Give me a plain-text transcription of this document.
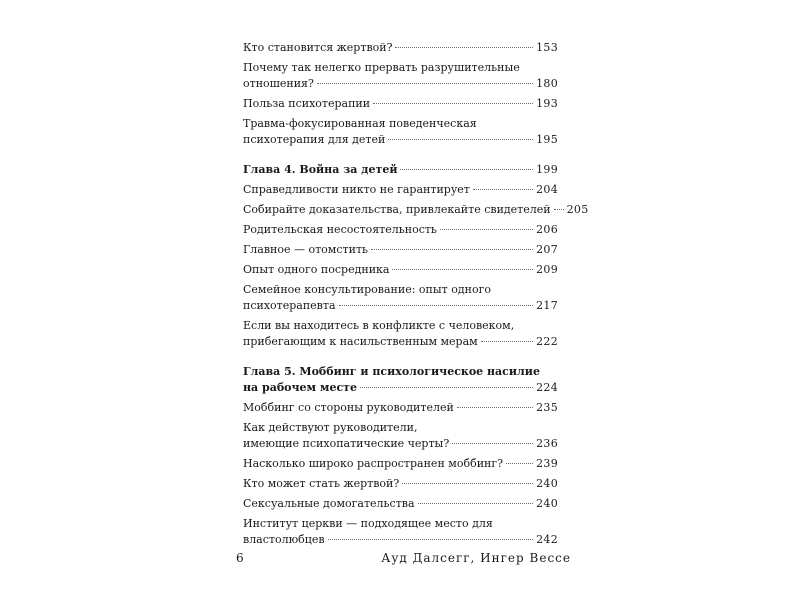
Кто становится жертвой?	153
Почему так нелегко прервать разрушительные
отношения?	180
Польза психотерапии	193
Травма-фокусированная поведенческая
психотерапия для детей	195
Глава 4. Война за детей	199
Справедливости никто не гарантирует	204
Собирайте доказательства, привлекайте свидетелей 205
Родительская несостоятельность	206
Главное — отомстить	207
Опыт одного посредника	209
Семейное консультирование: опыт одного
психотерапевта	217
Если вы находитесь в конфликте с человеком,
прибегающим к насильственным мерам	222
Глава 5. Моббинг и психологическое насилие
на рабочем месте	224
Моббинг со стороны руководителей	235
Как действуют руководители,
имеющие психопатические черты?	236
Насколько широко распространен моббинг?	239
Кто может стать жертвой?	240
Сексуальные домогательства	240
Институт церкви — подходящее место для
властолюбцев	242
6	Ауд Далсегг, Ингер Вессе
